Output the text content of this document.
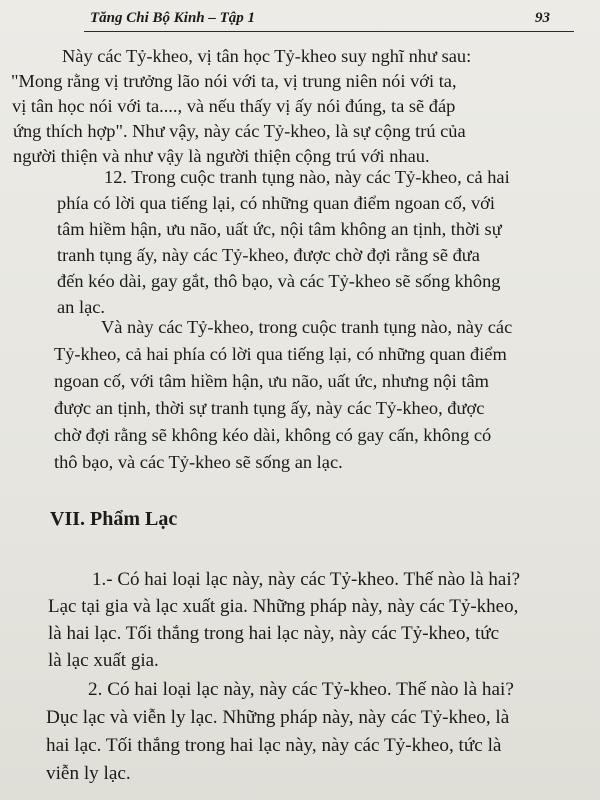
Tăng Chi Bộ Kinh – Tập 1	93

Này các Tỷ-kheo, vị tân học Tỷ-kheo suy nghĩ như sau:
"Mong rằng vị trưởng lão nói với ta, vị trung niên nói với ta,
vị tân học nói với ta...., và nếu thấy vị ấy nói đúng, ta sẽ đáp
ứng thích hợp". Như vậy, này các Tỷ-kheo, là sự cộng trú của
người thiện và như vậy là người thiện cộng trú với nhau.

12. Trong cuộc tranh tụng nào, này các Tỷ-kheo, cả hai
phía có lời qua tiếng lại, có những quan điểm ngoan cố, với
tâm hiềm hận, ưu não, uất ức, nội tâm không an tịnh, thời sự
tranh tụng ấy, này các Tỷ-kheo, được chờ đợi rằng sẽ đưa
đến kéo dài, gay gắt, thô bạo, và các Tỷ-kheo sẽ sống không
an lạc.

Và này các Tỷ-kheo, trong cuộc tranh tụng nào, này các
Tỷ-kheo, cả hai phía có lời qua tiếng lại, có những quan điểm
ngoan cố, với tâm hiềm hận, ưu não, uất ức, nhưng nội tâm
được an tịnh, thời sự tranh tụng ấy, này các Tỷ-kheo, được
chờ đợi rằng sẽ không kéo dài, không có gay cấn, không có
thô bạo, và các Tỷ-kheo sẽ sống an lạc.

VII. Phẩm Lạc

1.- Có hai loại lạc này, này các Tỷ-kheo. Thế nào là hai?
Lạc tại gia và lạc xuất gia. Những pháp này, này các Tỷ-kheo,
là hai lạc. Tối thắng trong hai lạc này, này các Tỷ-kheo, tức
là lạc xuất gia.

2. Có hai loại lạc này, này các Tỷ-kheo. Thế nào là hai?
Dục lạc và viễn ly lạc. Những pháp này, này các Tỷ-kheo, là
hai lạc. Tối thắng trong hai lạc này, này các Tỷ-kheo, tức là
viễn ly lạc.
